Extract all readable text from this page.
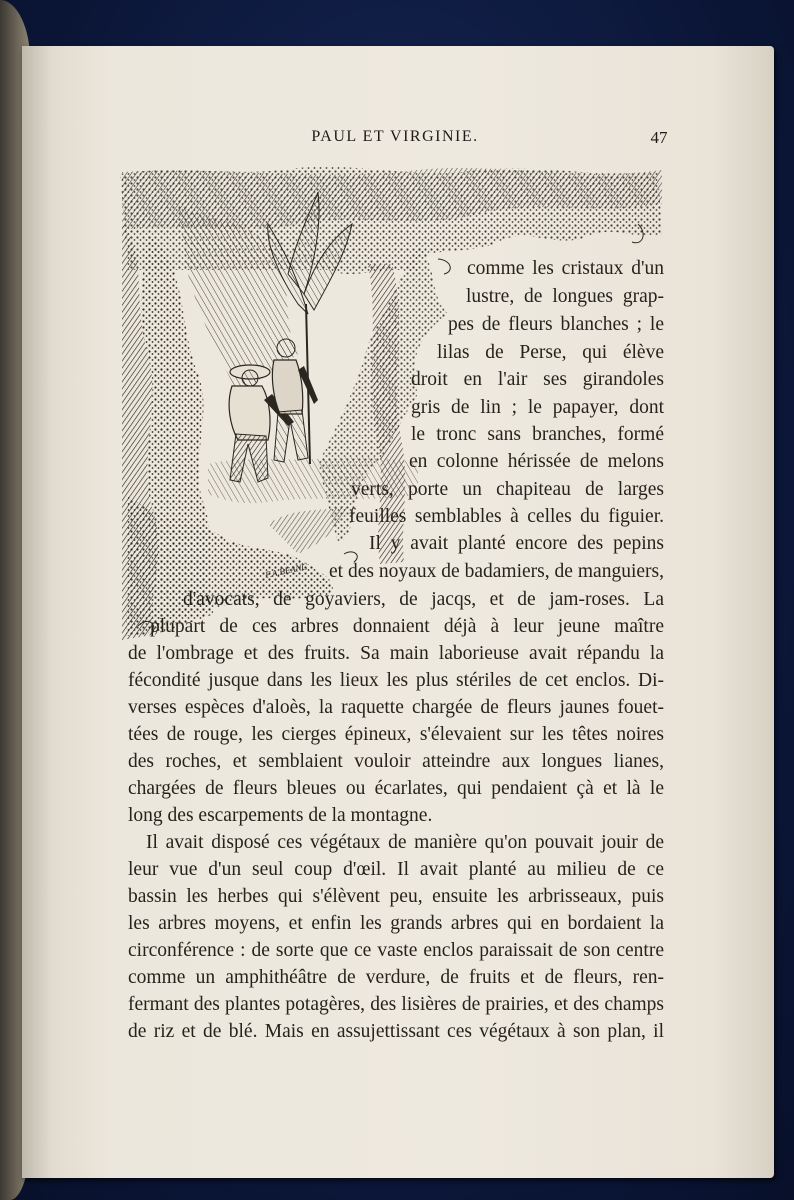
PAUL ET VIRGINIE.	47
F.A.BEANC
comme les cristaux d'un
lustre, de longues grap-
pes de fleurs blanches ; le
lilas de Perse, qui élève
droit en l'air ses girandoles
gris de lin ; le papayer, dont
le tronc sans branches, formé
en colonne hérissée de melons
verts, porte un chapiteau de larges
feuilles semblables à celles du figuier.
Il y avait planté encore des pepins
et des noyaux de badamiers, de manguiers,
d'avocats, de goyaviers, de jacqs, et de jam-roses. La
plupart de ces arbres donnaient déjà à leur jeune maître
de l'ombrage et des fruits. Sa main laborieuse avait répandu la
fécondité jusque dans les lieux les plus stériles de cet enclos. Di-
verses espèces d'aloès, la raquette chargée de fleurs jaunes fouet-
tées de rouge, les cierges épineux, s'élevaient sur les têtes noires
des roches, et semblaient vouloir atteindre aux longues lianes,
chargées de fleurs bleues ou écarlates, qui pendaient çà et là le
long des escarpements de la montagne.
Il avait disposé ces végétaux de manière qu'on pouvait jouir de
leur vue d'un seul coup d'œil. Il avait planté au milieu de ce
bassin les herbes qui s'élèvent peu, ensuite les arbrisseaux, puis
les arbres moyens, et enfin les grands arbres qui en bordaient la
circonférence : de sorte que ce vaste enclos paraissait de son centre
comme un amphithéâtre de verdure, de fruits et de fleurs, ren-
fermant des plantes potagères, des lisières de prairies, et des champs
de riz et de blé. Mais en assujettissant ces végétaux à son plan, il
